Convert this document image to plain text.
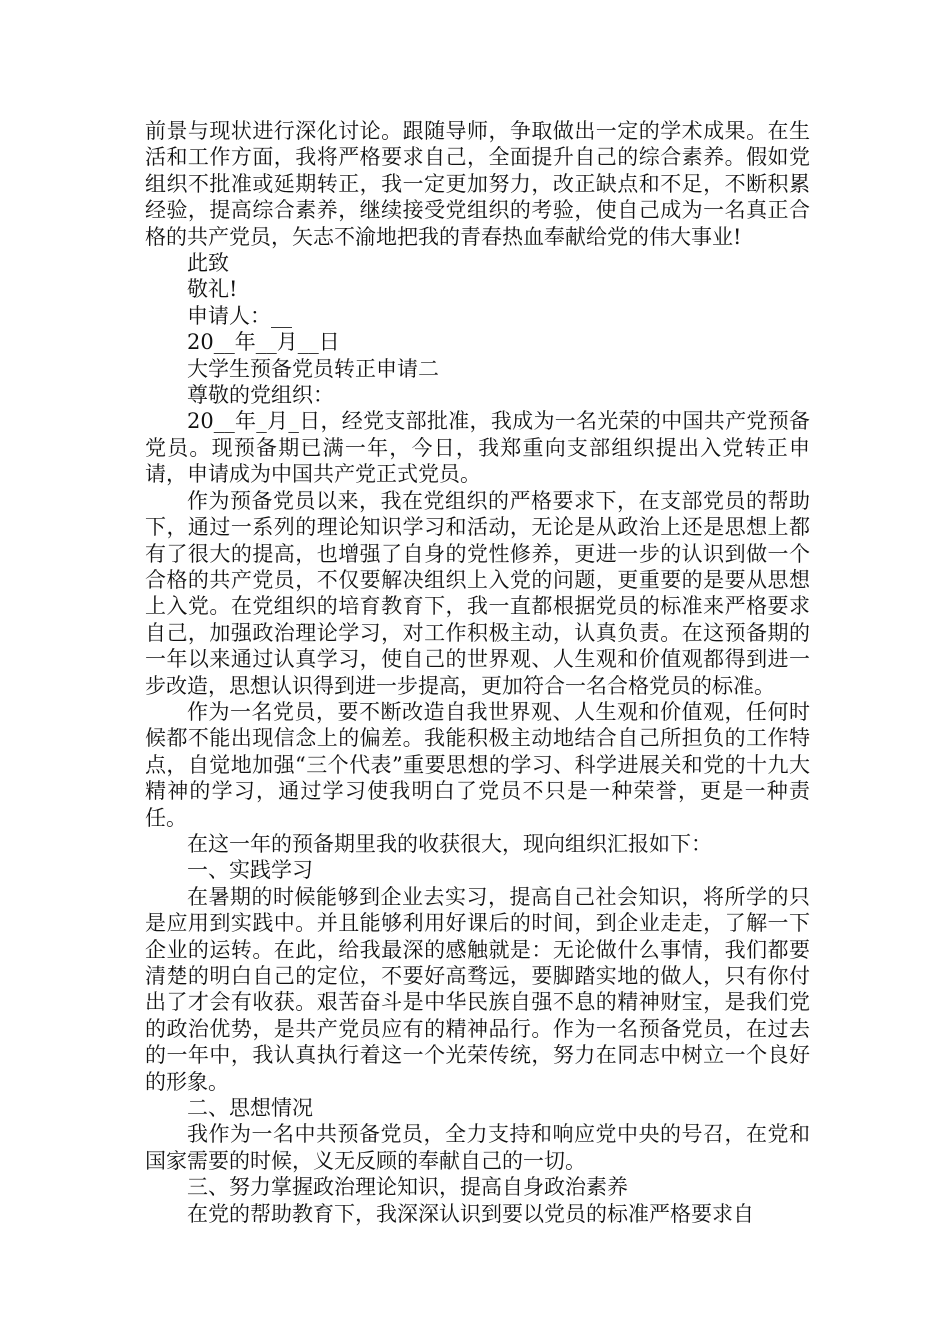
前景与现状进行深化讨论。跟随导师，争取做出一定的学术成果。在生活和工作方面，我将严格要求自己，全面提升自己的综合素养。假如党组织不批准或延期转正，我一定更加努力，改正缺点和不足，不断积累经验，提高综合素养，继续接受党组织的考验，使自己成为一名真正合格的共产党员，矢志不渝地把我的青春热血奉献给党的伟大事业!

此致

敬礼!

申请人：__

20__年__月__日

大学生预备党员转正申请二

尊敬的党组织：

20__年_月_日，经党支部批准，我成为一名光荣的中国共产党预备党员。现预备期已满一年，今日，我郑重向支部组织提出入党转正申请，申请成为中国共产党正式党员。

作为预备党员以来，我在党组织的严格要求下，在支部党员的帮助下，通过一系列的理论知识学习和活动，无论是从政治上还是思想上都有了很大的提高，也增强了自身的党性修养，更进一步的认识到做一个合格的共产党员，不仅要解决组织上入党的问题，更重要的是要从思想上入党。在党组织的培育教育下，我一直都根据党员的标准来严格要求自己，加强政治理论学习，对工作积极主动，认真负责。在这预备期的一年以来通过认真学习，使自己的世界观、人生观和价值观都得到进一步改造，思想认识得到进一步提高，更加符合一名合格党员的标准。

作为一名党员，要不断改造自我世界观、人生观和价值观，任何时候都不能出现信念上的偏差。我能积极主动地结合自己所担负的工作特点，自觉地加强“三个代表”重要思想的学习、科学进展关和党的十九大精神的学习，通过学习使我明白了党员不只是一种荣誉，更是一种责任。

在这一年的预备期里我的收获很大，现向组织汇报如下：

一、实践学习

在暑期的时候能够到企业去实习，提高自己社会知识，将所学的只是应用到实践中。并且能够利用好课后的时间，到企业走走，了解一下企业的运转。在此，给我最深的感触就是：无论做什么事情，我们都要清楚的明白自己的定位，不要好高骛远，要脚踏实地的做人，只有你付出了才会有收获。艰苦奋斗是中华民族自强不息的精神财宝，是我们党的政治优势，是共产党员应有的精神品行。作为一名预备党员，在过去的一年中，我认真执行着这一个光荣传统，努力在同志中树立一个良好的形象。

二、思想情况

我作为一名中共预备党员，全力支持和响应党中央的号召，在党和国家需要的时候，义无反顾的奉献自己的一切。

三、努力掌握政治理论知识，提高自身政治素养

在党的帮助教育下，我深深认识到要以党员的标准严格要求自
